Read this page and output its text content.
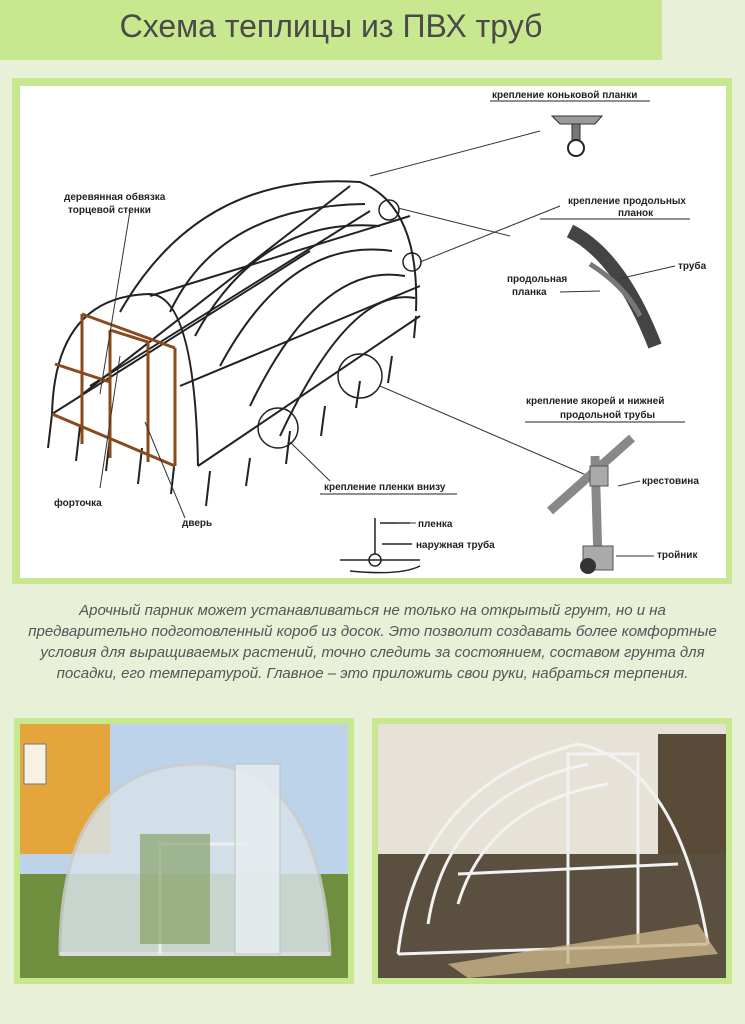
Схема теплицы из ПВХ труб
крепление коньковой планки
крепление продольных
планок
деревянная обвязка
торцевой стенки
продольная
планка
труба
крепление якорей и нижней
продольной трубы
крестовина
тройник
форточка
дверь
крепление пленки внизу
пленка
наружная труба
Арочный парник может устанавливаться не только на открытый грунт, но и на предварительно подготовленный короб из досок. Это позволит создавать более комфортные условия для выращиваемых растений, точно следить за состоянием, составом грунта для посадки, его температурой. Главное – это приложить свои руки, набраться терпения.
